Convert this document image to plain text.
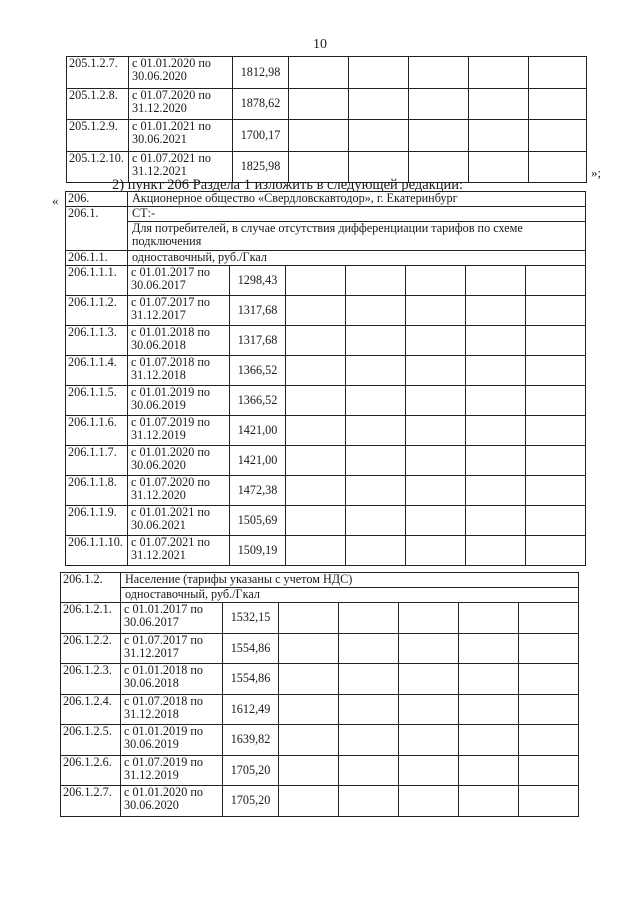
10
205.1.2.7.	с 01.01.2020 по 30.06.2020	1812,98					
205.1.2.8.	с 01.07.2020 по 31.12.2020	1878,62					
205.1.2.9.	с 01.01.2021 по 30.06.2021	1700,17					
205.1.2.10.	с 01.07.2021 по 31.12.2021	1825,98						»;
2) пункт 206 Раздела 1 изложить в следующей редакции:
« 206.	Акционерное общество «Свердловскавтодор», г. Екатеринбург						
206.1.	СТ:-						
	Для потребителей, в случае отсутствия дифференциации тарифов по схеме подключения						
206.1.1.	одноставочный, руб./Гкал						
206.1.1.1.	с 01.01.2017 по 30.06.2017	1298,43					
206.1.1.2.	с 01.07.2017 по 31.12.2017	1317,68					
206.1.1.3.	с 01.01.2018 по 30.06.2018	1317,68					
206.1.1.4.	с 01.07.2018 по 31.12.2018	1366,52					
206.1.1.5.	с 01.01.2019 по 30.06.2019	1366,52					
206.1.1.6.	с 01.07.2019 по 31.12.2019	1421,00					
206.1.1.7.	с 01.01.2020 по 30.06.2020	1421,00					
206.1.1.8.	с 01.07.2020 по 31.12.2020	1472,38					
206.1.1.9.	с 01.01.2021 по 30.06.2021	1505,69					
206.1.1.10.	с 01.07.2021 по 31.12.2021	1509,19					
206.1.2.	Население (тарифы указаны с учетом НДС)						
	одноставочный, руб./Гкал						
206.1.2.1.	с 01.01.2017 по 30.06.2017	1532,15					
206.1.2.2.	с 01.07.2017 по 31.12.2017	1554,86					
206.1.2.3.	с 01.01.2018 по 30.06.2018	1554,86					
206.1.2.4.	с 01.07.2018 по 31.12.2018	1612,49					
206.1.2.5.	с 01.01.2019 по 30.06.2019	1639,82					
206.1.2.6.	с 01.07.2019 по 31.12.2019	1705,20					
206.1.2.7.	с 01.01.2020 по 30.06.2020	1705,20					
